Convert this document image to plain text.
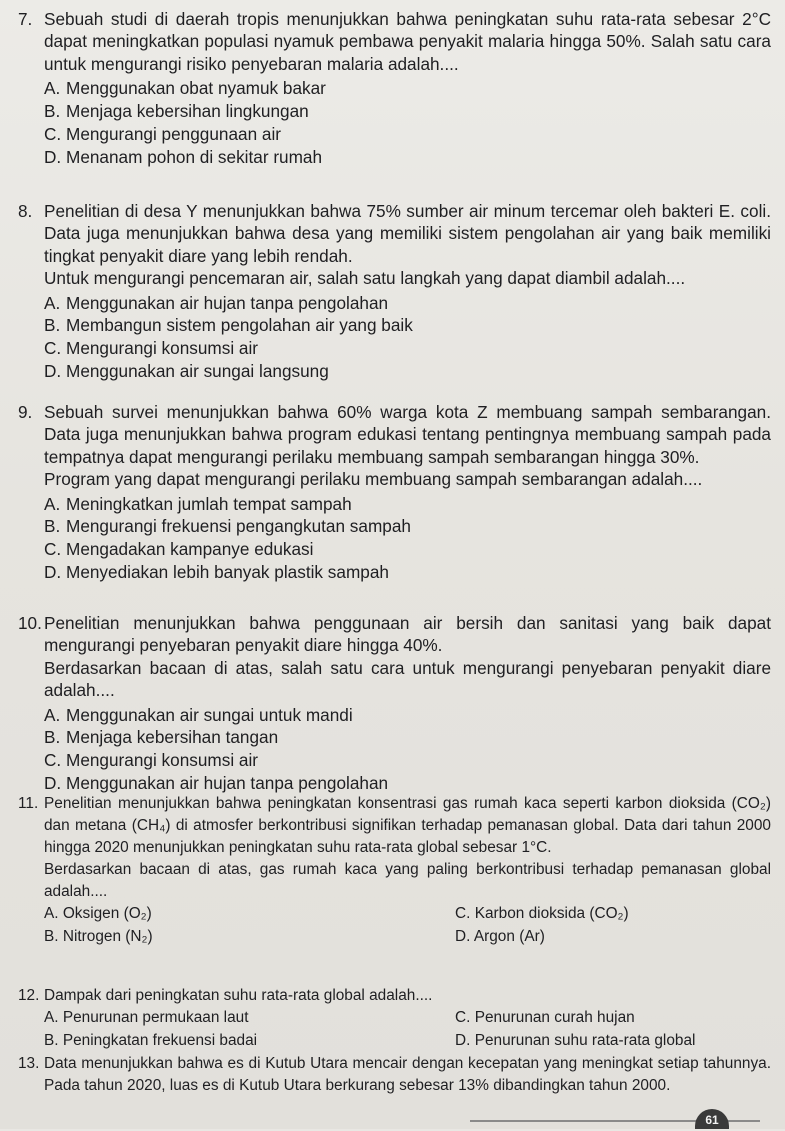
7. Sebuah studi di daerah tropis menunjukkan bahwa peningkatan suhu rata-rata sebesar 2°C dapat meningkatkan populasi nyamuk pembawa penyakit malaria hingga 50%. Salah satu cara untuk mengurangi risiko penyebaran malaria adalah....

A. Menggunakan obat nyamuk bakar
B. Menjaga kebersihan lingkungan
C. Mengurangi penggunaan air
D. Menanam pohon di sekitar rumah
8. Penelitian di desa Y menunjukkan bahwa 75% sumber air minum tercemar oleh bakteri E. coli. Data juga menunjukkan bahwa desa yang memiliki sistem pengolahan air yang baik memiliki tingkat penyakit diare yang lebih rendah.

Untuk mengurangi pencemaran air, salah satu langkah yang dapat diambil adalah....

A. Menggunakan air hujan tanpa pengolahan
B. Membangun sistem pengolahan air yang baik
C. Mengurangi konsumsi air
D. Menggunakan air sungai langsung
9. Sebuah survei menunjukkan bahwa 60% warga kota Z membuang sampah sembarangan. Data juga menunjukkan bahwa program edukasi tentang pentingnya membuang sampah pada tempatnya dapat mengurangi perilaku membuang sampah sembarangan hingga 30%.

Program yang dapat mengurangi perilaku membuang sampah sembarangan adalah....

A. Meningkatkan jumlah tempat sampah
B. Mengurangi frekuensi pengangkutan sampah
C. Mengadakan kampanye edukasi
D. Menyediakan lebih banyak plastik sampah
10. Penelitian menunjukkan bahwa penggunaan air bersih dan sanitasi yang baik dapat mengurangi penyebaran penyakit diare hingga 40%.

Berdasarkan bacaan di atas, salah satu cara untuk mengurangi penyebaran penyakit diare adalah....

A. Menggunakan air sungai untuk mandi
B. Menjaga kebersihan tangan
C. Mengurangi konsumsi air
D. Menggunakan air hujan tanpa pengolahan
11. Penelitian menunjukkan bahwa peningkatan konsentrasi gas rumah kaca seperti karbon dioksida (CO₂) dan metana (CH₄) di atmosfer berkontribusi signifikan terhadap pemanasan global. Data dari tahun 2000 hingga 2020 menunjukkan peningkatan suhu rata-rata global sebesar 1°C.

Berdasarkan bacaan di atas, gas rumah kaca yang paling berkontribusi terhadap pemanasan global adalah....

A. Oksigen (O₂)
B. Nitrogen (N₂)
C. Karbon dioksida (CO₂)
D. Argon (Ar)
12. Dampak dari peningkatan suhu rata-rata global adalah....

A. Penurunan permukaan laut
B. Peningkatan frekuensi badai
C. Penurunan curah hujan
D. Penurunan suhu rata-rata global
13. Data menunjukkan bahwa es di Kutub Utara mencair dengan kecepatan yang meningkat setiap tahunnya. Pada tahun 2020, luas es di Kutub Utara berkurang sebesar 13% dibandingkan tahun 2000.

61
